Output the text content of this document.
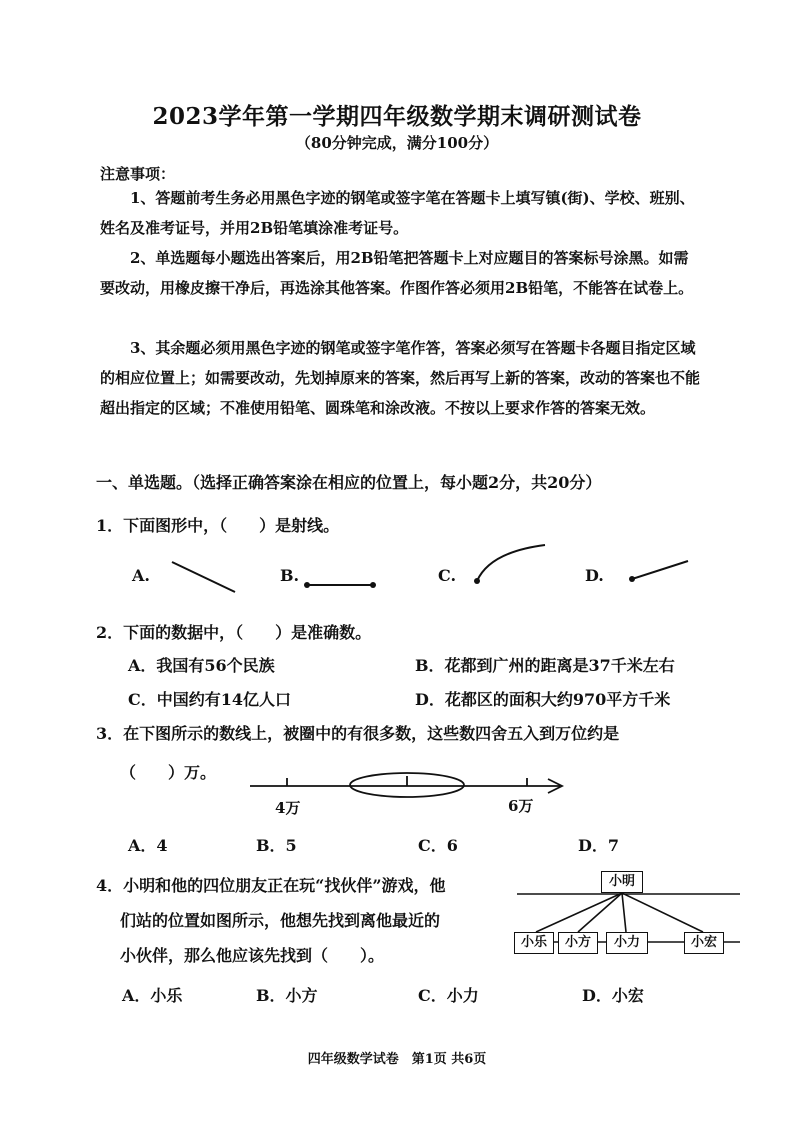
2023学年第一学期四年级数学期末调研测试卷
（80分钟完成，满分100分）
注意事项：
1、答题前考生务必用黑色字迹的钢笔或签字笔在答题卡上填写镇(街)、学校、班别、姓名及准考证号，并用2B铅笔填涂准考证号。
2、单选题每小题选出答案后，用2B铅笔把答题卡上对应题目的答案标号涂黑。如需要改动，用橡皮擦干净后，再选涂其他答案。作图作答必须用2B铅笔，不能答在试卷上。
3、其余题必须用黑色字迹的钢笔或签字笔作答，答案必须写在答题卡各题目指定区域的相应位置上；如需要改动，先划掉原来的答案，然后再写上新的答案，改动的答案也不能超出指定的区域；不准使用铅笔、圆珠笔和涂改液。不按以上要求作答的答案无效。
一、单选题。（选择正确答案涂在相应的位置上，每小题2分，共20分）
1．下面图形中，（　　）是射线。
A.	B.	C.	D.
2．下面的数据中，（　　）是准确数。
A．我国有56个民族	B．花都到广州的距离是37千米左右
C．中国约有14亿人口	D．花都区的面积大约970平方千米
3．在下图所示的数线上，被圈中的有很多数，这些数四舍五入到万位约是
（　　）万。
4万	6万
A．4	B．5	C．6	D．7
4．小明和他的四位朋友正在玩“找伙伴”游戏，他
们站的位置如图所示，他想先找到离他最近的
小伙伴，那么他应该先找到（　　）。
小明
小乐	小方	小力	小宏
A．小乐	B．小方	C．小力	D．小宏
四年级数学试卷　第1页 共6页
